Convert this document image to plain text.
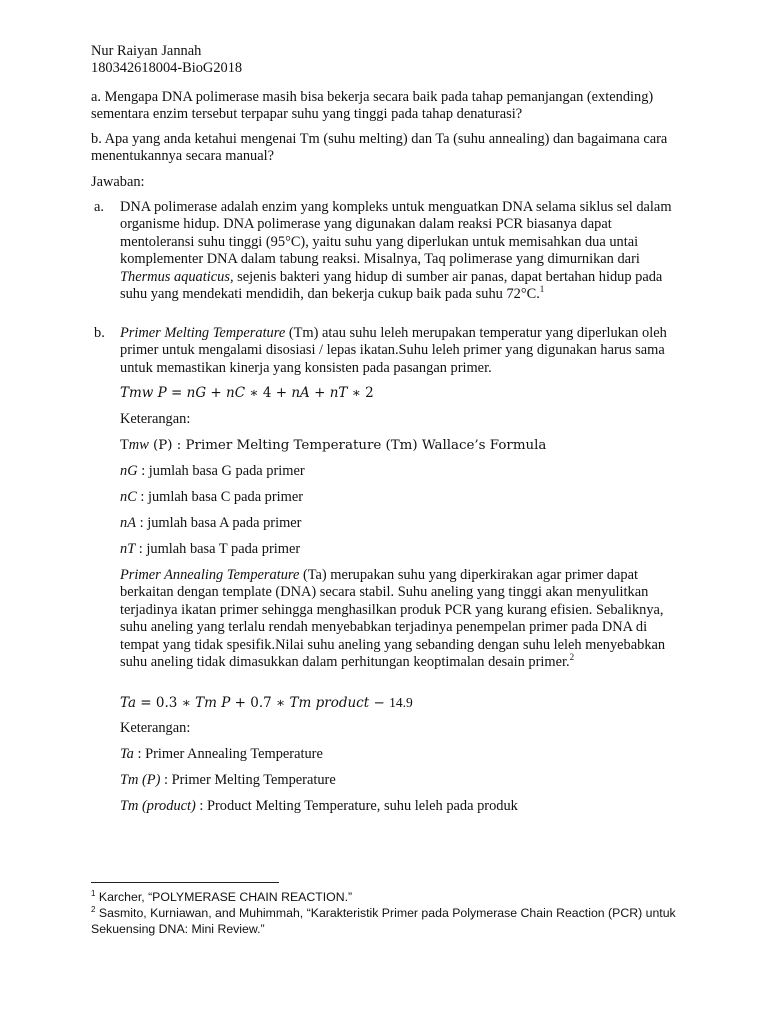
Nur Raiyan Jannah
180342618004-BioG2018

a. Mengapa DNA polimerase masih bisa bekerja secara baik pada tahap pemanjangan (extending) sementara enzim tersebut terpapar suhu yang tinggi pada tahap denaturasi?

b. Apa yang anda ketahui mengenai Tm (suhu melting) dan Ta (suhu annealing) dan bagaimana cara menentukannya secara manual?

Jawaban:
a. DNA polimerase adalah enzim yang kompleks untuk menguatkan DNA selama siklus sel dalam organisme hidup. DNA polimerase yang digunakan dalam reaksi PCR biasanya dapat mentoleransi suhu tinggi (95°C), yaitu suhu yang diperlukan untuk memisahkan dua untai komplementer DNA dalam tabung reaksi. Misalnya, Taq polimerase yang dimurnikan dari Thermus aquaticus, sejenis bakteri yang hidup di sumber air panas, dapat bertahan hidup pada suhu yang mendekati mendidih, dan bekerja cukup baik pada suhu 72°C.$^1$
b. Primer Melting Temperature (Tm) atau suhu leleh merupakan temperatur yang diperlukan oleh primer untuk mengalami disosiasi / lepas ikatan.Suhu leleh primer yang digunakan harus sama untuk memastikan kinerja yang konsisten pada pasangan primer.
Tmw P = nG + nC ∗ 4 + nA + nT ∗ 2
Keterangan:
Tmw (P) : Primer Melting Temperature (Tm) Wallace’s Formula
nG : jumlah basa G pada primer
nC : jumlah basa C pada primer
nA : jumlah basa A pada primer
nT : jumlah basa T pada primer
Primer Annealing Temperature (Ta) merupakan suhu yang diperkirakan agar primer dapat berkaitan dengan template (DNA) secara stabil. Suhu aneling yang tinggi akan menyulitkan terjadinya ikatan primer sehingga menghasilkan produk PCR yang kurang efisien. Sebaliknya, suhu aneling yang terlalu rendah menyebabkan terjadinya penempelan primer pada DNA di tempat yang tidak spesifik.Nilai suhu aneling yang sebanding dengan suhu leleh menyebabkan suhu aneling tidak dimasukkan dalam perhitungan keoptimalan desain primer.$^2$
Ta = 0.3 ∗ Tm P + 0.7 ∗ Tm product − 14.9
Keterangan:
Ta : Primer Annealing Temperature
Tm (P) : Primer Melting Temperature
Tm (product) : Product Melting Temperature, suhu leleh pada produk
$^1$ Karcher, “POLYMERASE CHAIN REACTION.”
$^2$ Sasmito, Kurniawan, and Muhimmah, “Karakteristik Primer pada Polymerase Chain Reaction (PCR) untuk Sekuensing DNA: Mini Review.”
